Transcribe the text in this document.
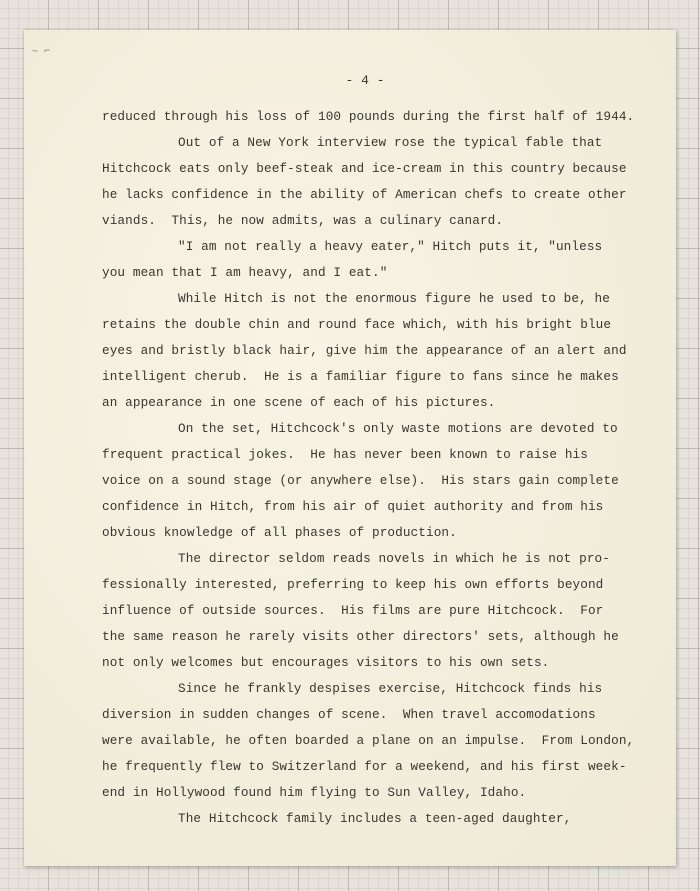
~ ⌐
- 4 -
reduced through his loss of 100 pounds during the first half of 1944.
Out of a New York interview rose the typical fable that
Hitchcock eats only beef-steak and ice-cream in this country because
he lacks confidence in the ability of American chefs to create other
viands.  This, he now admits, was a culinary canard.
"I am not really a heavy eater," Hitch puts it, "unless
you mean that I am heavy, and I eat."
While Hitch is not the enormous figure he used to be, he
retains the double chin and round face which, with his bright blue
eyes and bristly black hair, give him the appearance of an alert and
intelligent cherub.  He is a familiar figure to fans since he makes
an appearance in one scene of each of his pictures.
On the set, Hitchcock's only waste motions are devoted to
frequent practical jokes.  He has never been known to raise his
voice on a sound stage (or anywhere else).  His stars gain complete
confidence in Hitch, from his air of quiet authority and from his
obvious knowledge of all phases of production.
The director seldom reads novels in which he is not pro-
fessionally interested, preferring to keep his own efforts beyond
influence of outside sources.  His films are pure Hitchcock.  For
the same reason he rarely visits other directors' sets, although he
not only welcomes but encourages visitors to his own sets.
Since he frankly despises exercise, Hitchcock finds his
diversion in sudden changes of scene.  When travel accomodations
were available, he often boarded a plane on an impulse.  From London,
he frequently flew to Switzerland for a weekend, and his first week-
end in Hollywood found him flying to Sun Valley, Idaho.
The Hitchcock family includes a teen-aged daughter,
